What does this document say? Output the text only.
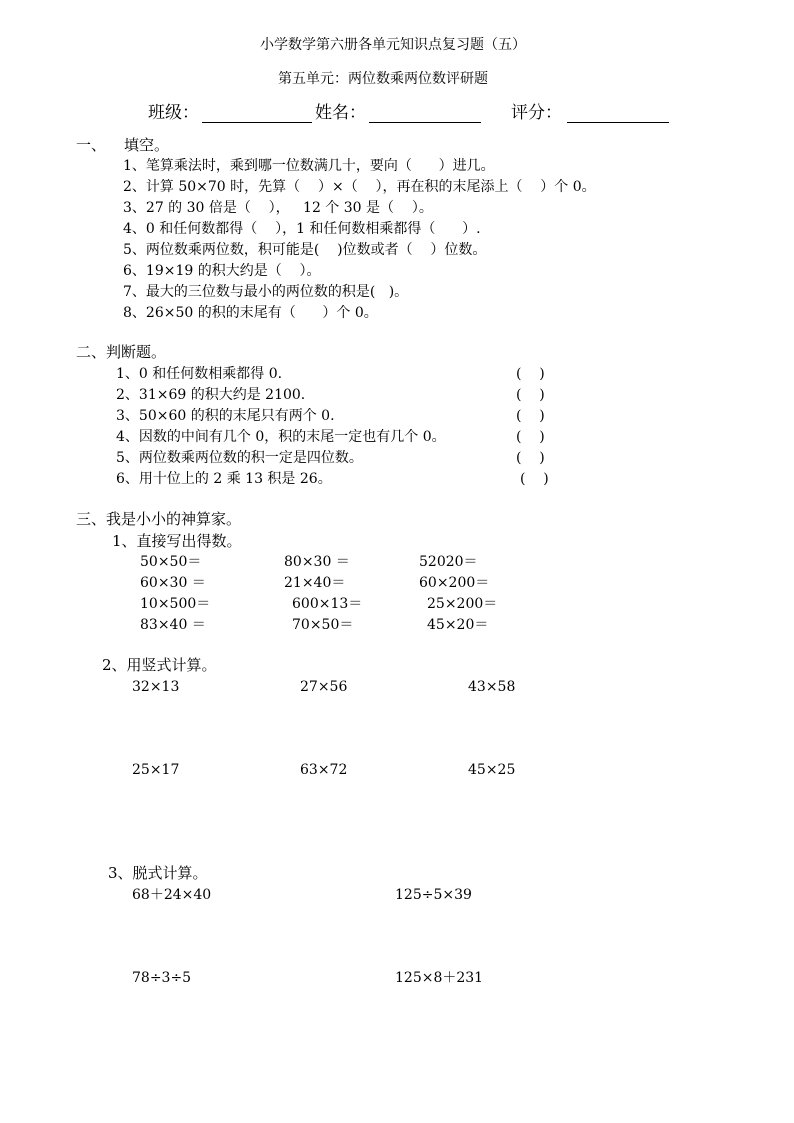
小学数学第六册各单元知识点复习题（五）
第五单元：两位数乘两位数评研题
班级：	姓名：	评分：
一、 填空。
1、笔算乘法时，乘到哪一位数满几十，要向（      ）进几。
2、计算 50×70 时，先算（    ）×（    ），再在积的末尾添上（    ）个 0。
3、27 的 30 倍是（    ），   12 个 30 是（    ）。
4、0 和任何数都得（    ），1 和任何数相乘都得（      ）.
5、两位数乘两位数，积可能是(    )位数或者（    ）位数。
6、19×19 的积大约是（    ）。
7、最大的三位数与最小的两位数的积是(   )。
8、26×50 的积的末尾有（      ）个 0。
二、判断题。
1、0 和任何数相乘都得 0.	(    )
2、31×69 的积大约是 2100.	(    )
3、50×60 的积的末尾只有两个 0.	(    )
4、因数的中间有几个 0，积的末尾一定也有几个 0。	(    )
5、两位数乘两位数的积一定是四位数。	(    )
6、用十位上的 2 乘 13 积是 26。	(    )
三、我是小小的神算家。
1、直接写出得数。
50×50＝	80×30 ＝	52020＝
60×30 ＝	21×40＝	60×200＝
10×500＝	600×13＝	25×200＝
83×40 ＝	70×50＝	45×20＝
2、用竖式计算。
32×13	27×56	43×58
25×17	63×72	45×25
3、脱式计算。
68＋24×40	125÷5×39
78÷3÷5	125×8＋231
